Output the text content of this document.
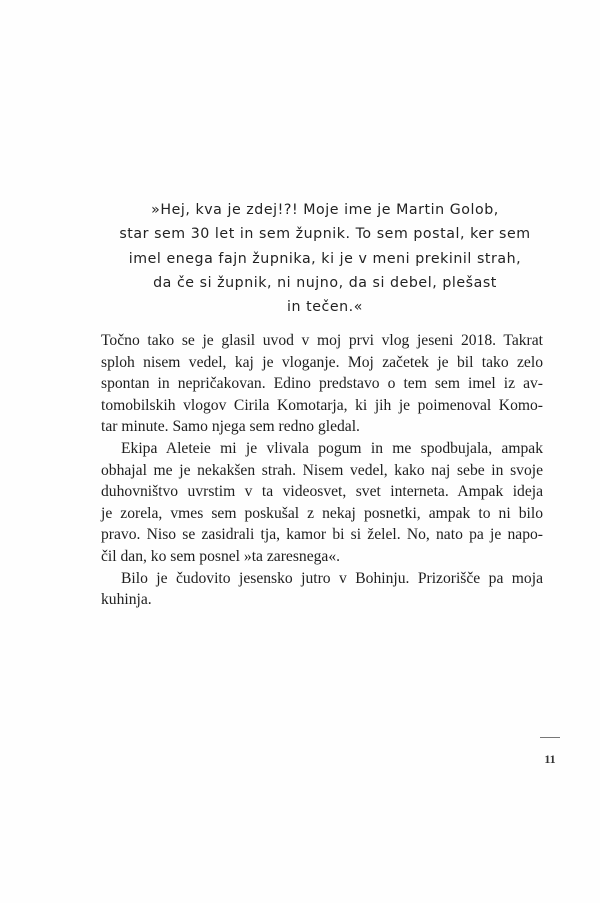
»Hej, kva je zdej!?! Moje ime je Martin Golob,
star sem 30 let in sem župnik. To sem postal, ker sem
imel enega fajn župnika, ki je v meni prekinil strah,
da če si župnik, ni nujno, da si debel, plešast
in tečen.«
Točno tako se je glasil uvod v moj prvi vlog jeseni 2018. Takrat
sploh nisem vedel, kaj je vloganje. Moj začetek je bil tako zelo
spontan in nepričakovan. Edino predstavo o tem sem imel iz av-
tomobilskih vlogov Cirila Komotarja, ki jih je poimenoval Komo-
tar minute. Samo njega sem redno gledal.
Ekipa Aleteie mi je vlivala pogum in me spodbujala, ampak
obhajal me je nekakšen strah. Nisem vedel, kako naj sebe in svoje
duhovništvo uvrstim v ta videosvet, svet interneta. Ampak ideja
je zorela, vmes sem poskušal z nekaj posnetki, ampak to ni bilo
pravo. Niso se zasidrali tja, kamor bi si želel. No, nato pa je napo-
čil dan, ko sem posnel »ta zaresnega«.
Bilo je čudovito jesensko jutro v Bohinju. Prizorišče pa moja
kuhinja.
11
